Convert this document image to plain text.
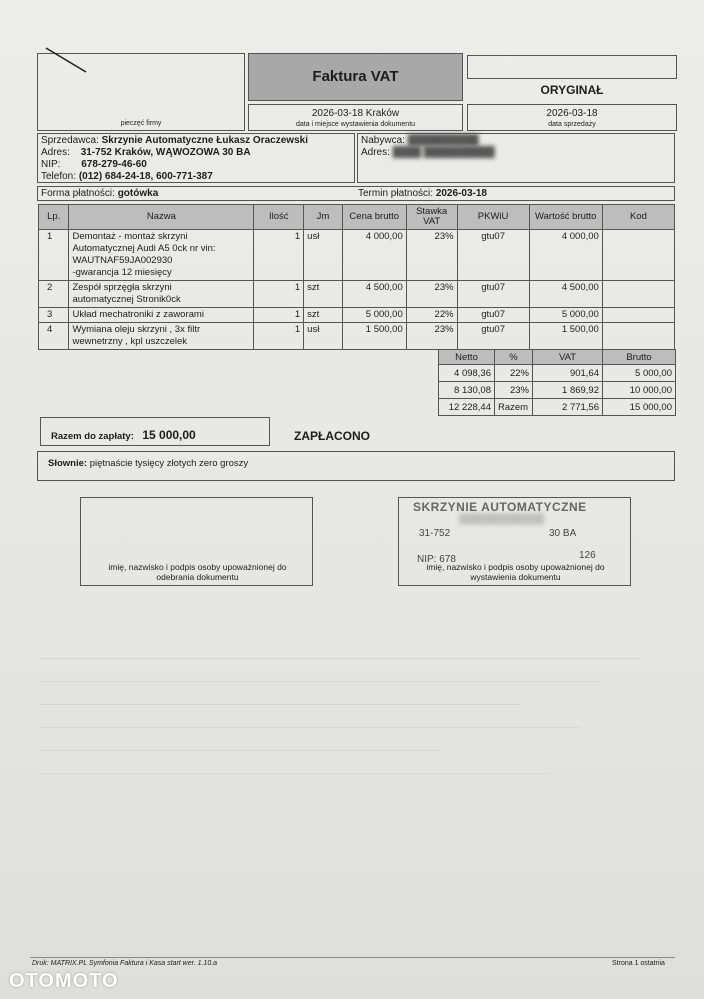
pieczęć firmy
Faktura VAT
ORYGINAŁ
2026-03-18 Kraków
data i miejsce wystawienia dokumentu
2026-03-18
data sprzedaży
Sprzedawca: Skrzynie Automatyczne Łukasz Oraczewski
Adres: 31-752 Kraków, WĄWOZOWA 30 BA
NIP: 678-279-46-60
Telefon: (012) 684-24-18, 600-771-387
Nabywca: ██████████
Adres: ████ ██████████
Forma płatności: gotówka	Termin płatności: 2026-03-18
Lp.	Nazwa	Ilość	Jm	Cena brutto	Stawka VAT	PKWiU	Wartość brutto	Kod
1	Demontaż - montaż skrzyni
Automatycznej Audi A5 0ck nr vin:
WAUTNAF59JA002930
-gwarancja 12 miesięcy	1	usł	4 000,00	23%	gtu07	4 000,00	
2	Zespół sprzęgła skrzyni
automatycznej Stronik0ck	1	szt	4 500,00	23%	gtu07	4 500,00	
3	Układ mechatroniki z zaworami	1	szt	5 000,00	22%	gtu07	5 000,00	
4	Wymiana oleju skrzyni , 3x filtr
wewnetrzny , kpl uszczelek	1	usł	1 500,00	23%	gtu07	1 500,00	
Netto	%	VAT	Brutto
4 098,36	22%	901,64	5 000,00
8 130,08	23%	1 869,92	10 000,00
12 228,44	Razem	2 771,56	15 000,00
Razem do zapłaty: 15 000,00	ZAPŁACONO
Słownie: piętnaście tysięcy złotych zero groszy
imię, nazwisko i podpis osoby upoważnionej do odebrania dokumentu
SKRZYNIE AUTOMATYCZNE
31-752	30 BA
NIP: 678	126
▒▒▒▒▒▒▒▒▒▒▒▒
imię, nazwisko i podpis osoby upoważnionej do wystawienia dokumentu
Druk: MATRIX.PL Symfonia Faktura i Kasa start wer. 1.10.a	Strona 1 ostatnia
OTOMOTO
